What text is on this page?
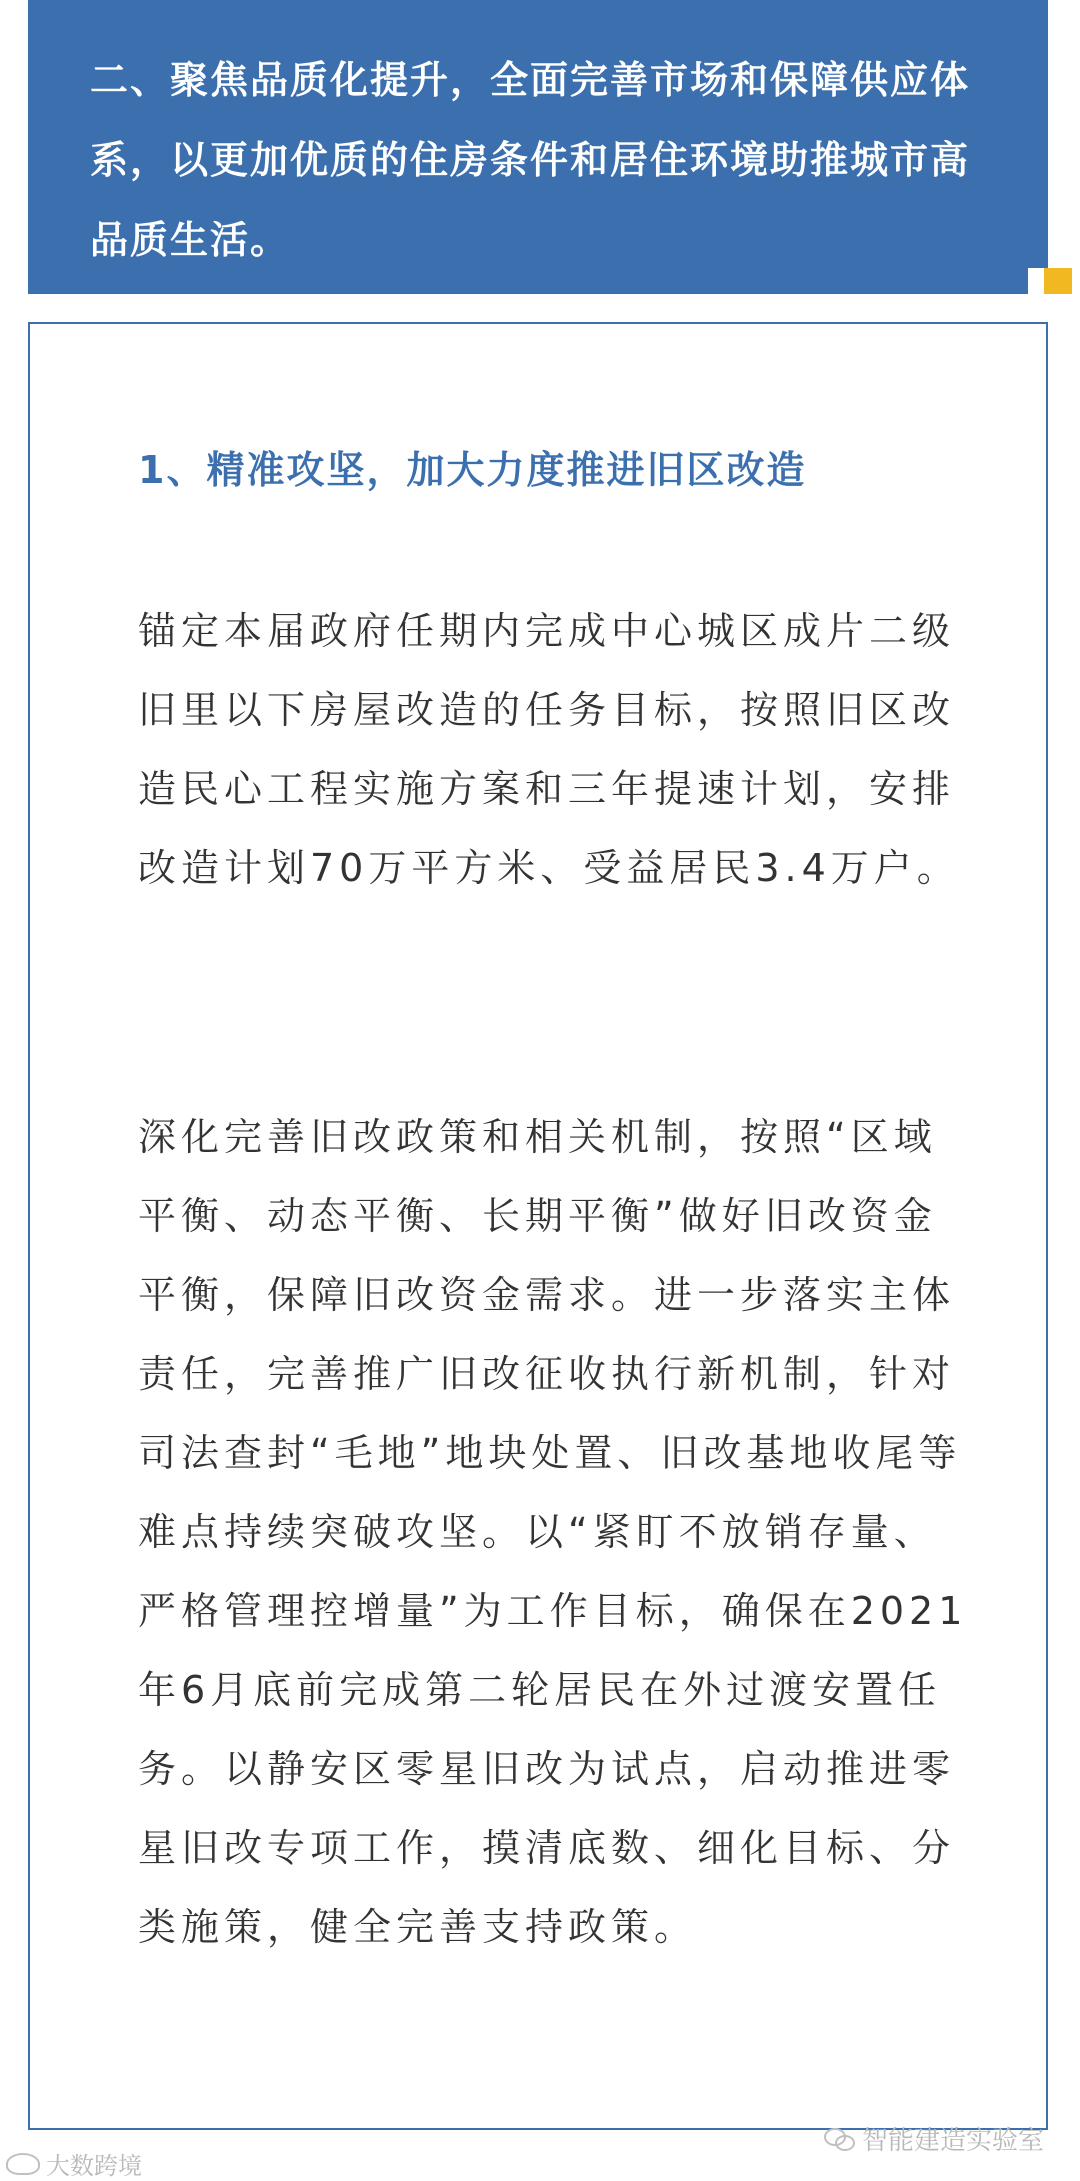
二、聚焦品质化提升，全面完善市场和保障供应体系，以更加优质的住房条件和居住环境助推城市高品质生活。
1、精准攻坚，加大力度推进旧区改造

锚定本届政府任期内完成中心城区成片二级旧里以下房屋改造的任务目标，按照旧区改造民心工程实施方案和三年提速计划，安排改造计划70万平方米、受益居民3.4万户。

深化完善旧改政策和相关机制，按照“区域平衡、动态平衡、长期平衡”做好旧改资金平衡，保障旧改资金需求。进一步落实主体责任，完善推广旧改征收执行新机制，针对司法查封“毛地”地块处置、旧改基地收尾等难点持续突破攻坚。以“紧盯不放销存量、严格管理控增量”为工作目标，确保在2021年6月底前完成第二轮居民在外过渡安置任务。以静安区零星旧改为试点，启动推进零星旧改专项工作，摸清底数、细化目标、分类施策，健全完善支持政策。

智能建造实验室
大数跨境
